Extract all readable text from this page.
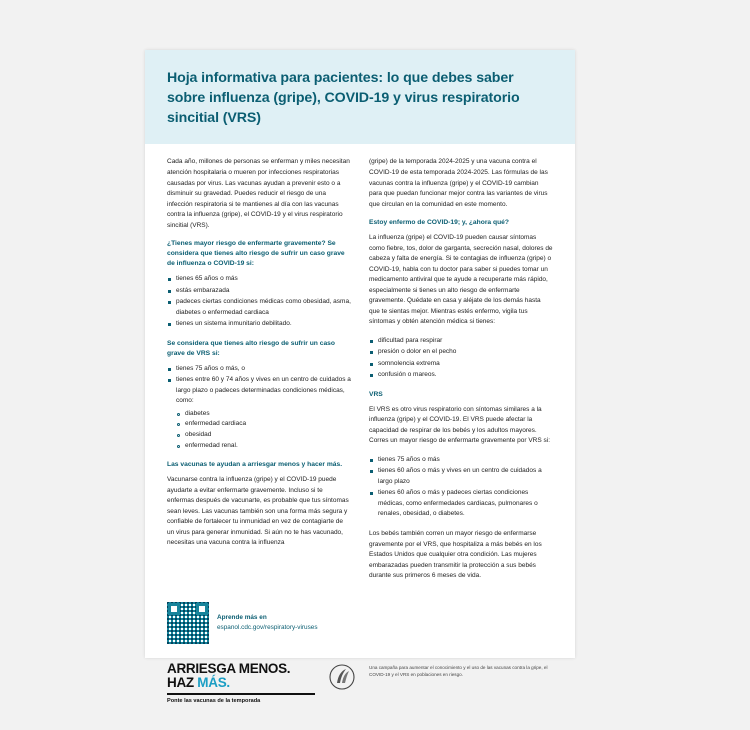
Hoja informativa para pacientes: lo que debes saber sobre influenza (gripe), COVID-19 y virus respiratorio sincitial (VRS)

Cada año, millones de personas se enferman y miles necesitan atención hospitalaria o mueren por infecciones respiratorias causadas por virus. Las vacunas ayudan a prevenir esto o a disminuir su gravedad. Puedes reducir el riesgo de una infección respiratoria si te mantienes al día con las vacunas contra la influenza (gripe), el COVID-19 y el virus respiratorio sincitial (VRS).

¿Tienes mayor riesgo de enfermarte gravemente? Se considera que tienes alto riesgo de sufrir un caso grave de influenza o COVID-19 si:
tienes 65 años o más
estás embarazada
padeces ciertas condiciones médicas como obesidad, asma, diabetes o enfermedad cardiaca
tienes un sistema inmunitario debilitado.
Se considera que tienes alto riesgo de sufrir un caso grave de VRS si:
tienes 75 años o más, o
tienes entre 60 y 74 años y vives en un centro de cuidados a largo plazo o padeces determinadas condiciones médicas, como:
diabetes
enfermedad cardiaca
obesidad
enfermedad renal.
Las vacunas te ayudan a arriesgar menos y hacer más.

Vacunarse contra la influenza (gripe) y el COVID-19 puede ayudarte a evitar enfermarte gravemente. Incluso si te enfermas después de vacunarte, es probable que tus síntomas sean leves. Las vacunas también son una forma más segura y confiable de fortalecer tu inmunidad en vez de contagiarte de un virus para generar inmunidad. Si aún no te has vacunado, necesitas una vacuna contra la influenza

(gripe) de la temporada 2024-2025 y una vacuna contra el COVID-19 de esta temporada 2024-2025. Las fórmulas de las vacunas contra la influenza (gripe) y el COVID-19 cambian para que puedan funcionar mejor contra las variantes de virus que circulan en la comunidad en este momento.

Estoy enfermo de COVID-19; y, ¿ahora qué?

La influenza (gripe) el COVID-19 pueden causar síntomas como fiebre, tos, dolor de garganta, secreción nasal, dolores de cabeza y falta de energía. Si te contagias de influenza (gripe) o COVID-19, habla con tu doctor para saber si puedes tomar un medicamento antiviral que te ayude a recuperarte más rápido, especialmente si tienes un alto riesgo de enfermarte gravemente. Quédate en casa y aléjate de los demás hasta que te sientas mejor. Mientras estés enfermo, vigila tus síntomas y obtén atención médica si tienes:

dificultad para respirar
presión o dolor en el pecho
somnolencia extrema
confusión o mareos.
VRS

El VRS es otro virus respiratorio con síntomas similares a la influenza (gripe) y el COVID-19. El VRS puede afectar la capacidad de respirar de los bebés y los adultos mayores. Corres un mayor riesgo de enfermarte gravemente por VRS si:

tienes 75 años o más
tienes 60 años o más y vives en un centro de cuidados a largo plazo
tienes 60 años o más y padeces ciertas condiciones médicas, como enfermedades cardiacas, pulmonares o renales, obesidad, o diabetes.

Los bebés también corren un mayor riesgo de enfermarse gravemente por el VRS, que hospitaliza a más bebés en los Estados Unidos que cualquier otra condición. Las mujeres embarazadas pueden transmitir la protección a sus bebés durante sus primeros 6 meses de vida.

Aprende más en
espanol.cdc.gov/respiratory-viruses
ARRIESGA MENOS.
HAZ MÁS.
Ponte las vacunas de la temporada
Una campaña para aumentar el conocimiento y el uso de las vacunas contra la gripe, el COVID-19 y el VRS en poblaciones en riesgo.
